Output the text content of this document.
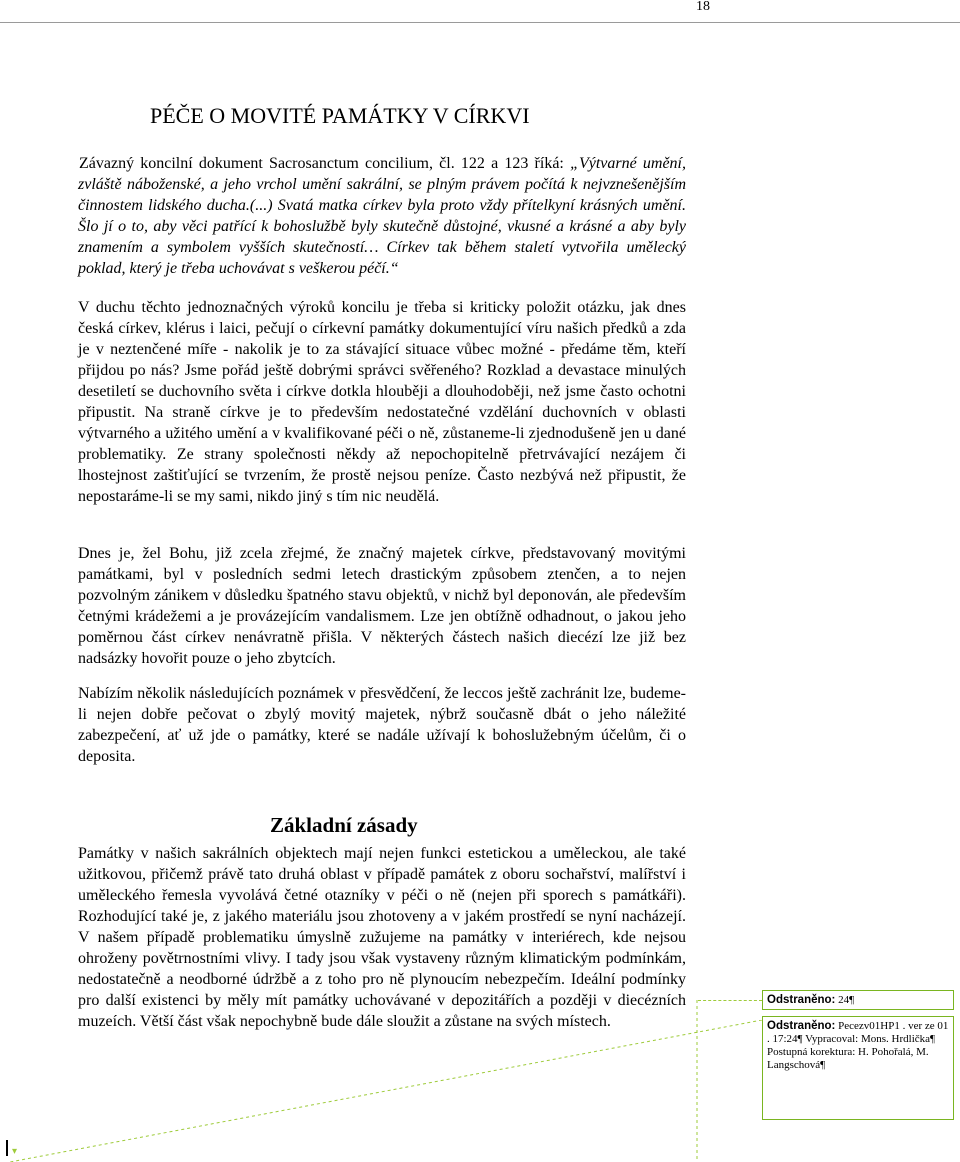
18
PÉČE O MOVITÉ PAMÁTKY V CÍRKVI

Závazný koncilní dokument Sacrosanctum concilium, čl. 122 a 123 říká: „Výtvarné umění, zvláště náboženské, a jeho vrchol umění sakrální, se plným právem počítá k nejvznešenějším činnostem lidského ducha.(...) Svatá matka církev byla proto vždy přítelkyní krásných umění. Šlo jí o to, aby věci patřící k bohoslužbě byly skutečně důstojné, vkusné a krásné a aby byly znamením a symbolem vyšších skutečností… Církev tak během staletí vytvořila umělecký poklad, který je třeba uchovávat s veškerou péčí.“

V duchu těchto jednoznačných výroků koncilu je třeba si kriticky položit otázku, jak dnes česká církev, klérus i laici, pečují o církevní památky dokumentující víru našich předků a zda je v neztenčené míře - nakolik je to za stávající situace vůbec možné - předáme těm, kteří přijdou po nás? Jsme pořád ještě dobrými správci svěřeného? Rozklad a devastace minulých desetiletí se duchovního světa i církve dotkla hlouběji a dlouhodoběji, než jsme často ochotni připustit. Na straně církve je to především nedostatečné vzdělání duchovních v oblasti výtvarného a užitého umění a v kvalifikované péči o ně, zůstaneme-li zjednodušeně jen u dané problematiky. Ze strany společnosti někdy až nepochopitelně přetrvávající nezájem či lhostejnost zaštiťující se tvrzením, že prostě nejsou peníze. Často nezbývá než připustit, že nepostaráme-li se my sami, nikdo jiný s tím nic neudělá.

Dnes je, žel Bohu, již zcela zřejmé, že značný majetek církve, představovaný movitými památkami, byl v posledních sedmi letech drastickým způsobem ztenčen, a to nejen pozvolným zánikem v důsledku špatného stavu objektů, v nichž byl deponován, ale především četnými krádežemi a je provázejícím vandalismem. Lze jen obtížně odhadnout, o jakou jeho poměrnou část církev nenávratně přišla. V některých částech našich diecézí lze již bez nadsázky hovořit pouze o jeho zbytcích.

Nabízím několik následujících poznámek v přesvědčení, že leccos ještě zachránit lze, budeme-li nejen dobře pečovat o zbylý movitý majetek, nýbrž současně dbát o jeho náležité zabezpečení, ať už jde o památky, které se nadále užívají k bohoslužebným účelům, či o deposita.

Základní zásady

Památky v našich sakrálních objektech mají nejen funkci estetickou a uměleckou, ale také užitkovou, přičemž právě tato druhá oblast v případě památek z oboru sochařství, malířství i uměleckého řemesla vyvolává četné otazníky v péči o ně (nejen při sporech s památkáři). Rozhodující také je, z jakého materiálu jsou zhotoveny a v jakém prostředí se nyní nacházejí. V našem případě problematiku úmyslně zužujeme na památky v interiérech, kde nejsou ohroženy povětrnostními vlivy. I tady jsou však vystaveny různým klimatickým podmínkám, nedostatečně a neodborné údržbě a z toho pro ně plynoucím nebezpečím. Ideální podmínky pro další existenci by měly mít památky uchovávané v depozitářích a později v diecézních muzeích. Větší část však nepochybně bude dále sloužit a zůstane na svých místech.

Odstraněno: 24¶
Odstraněno: Pecezv01HP1 . ver ze 01 . 17:24¶ Vypracoval: Mons. Hrdlička¶ Postupná korektura: H. Pohořalá, M. Langschová¶
▾
